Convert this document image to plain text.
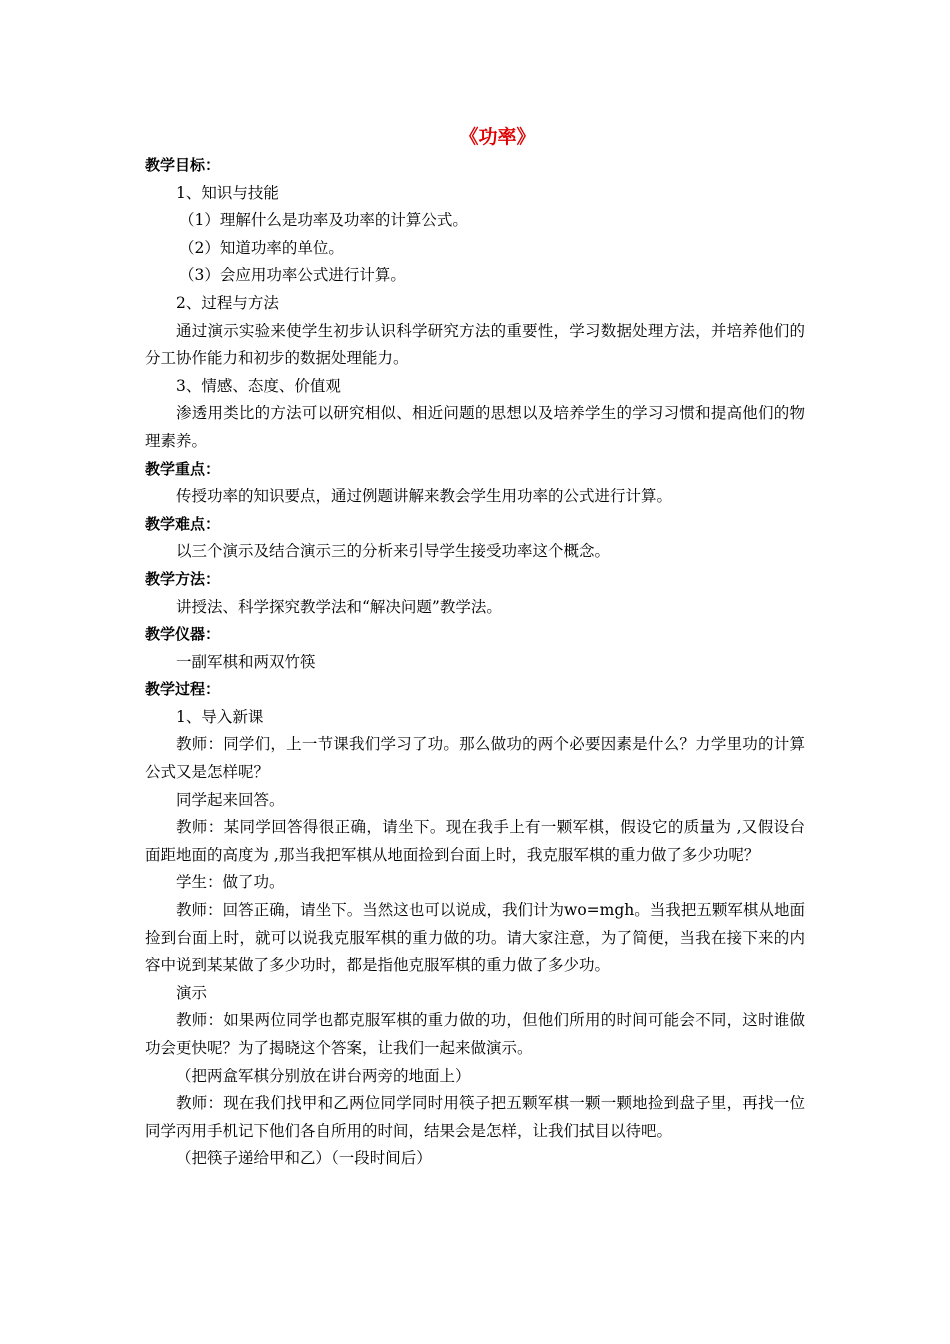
《功率》

教学目标：

1、知识与技能

（1）理解什么是功率及功率的计算公式。

（2）知道功率的单位。

（3）会应用功率公式进行计算。

2、过程与方法

通过演示实验来使学生初步认识科学研究方法的重要性，学习数据处理方法，并培养他们的分工协作能力和初步的数据处理能力。

3、情感、态度、价值观

渗透用类比的方法可以研究相似、相近问题的思想以及培养学生的学习习惯和提高他们的物理素养。

教学重点：

传授功率的知识要点，通过例题讲解来教会学生用功率的公式进行计算。

教学难点：

以三个演示及结合演示三的分析来引导学生接受功率这个概念。

教学方法：

讲授法、科学探究教学法和“解决问题”教学法。

教学仪器：

一副军棋和两双竹筷

教学过程：

1、导入新课

教师：同学们，上一节课我们学习了功。那么做功的两个必要因素是什么？力学里功的计算公式又是怎样呢？

同学起来回答。

教师：某同学回答得很正确，请坐下。现在我手上有一颗军棋，假设它的质量为 ,又假设台面距地面的高度为 ,那当我把军棋从地面捡到台面上时，我克服军棋的重力做了多少功呢？

学生：做了功。

教师：回答正确，请坐下。当然这也可以说成，我们计为wo=mgh。当我把五颗军棋从地面捡到台面上时，就可以说我克服军棋的重力做的功。请大家注意，为了简便，当我在接下来的内容中说到某某做了多少功时，都是指他克服军棋的重力做了多少功。

演示

教师：如果两位同学也都克服军棋的重力做的功，但他们所用的时间可能会不同，这时谁做功会更快呢？为了揭晓这个答案，让我们一起来做演示。

（把两盒军棋分别放在讲台两旁的地面上）

教师：现在我们找甲和乙两位同学同时用筷子把五颗军棋一颗一颗地捡到盘子里，再找一位同学丙用手机记下他们各自所用的时间，结果会是怎样，让我们拭目以待吧。

（把筷子递给甲和乙）（一段时间后）
